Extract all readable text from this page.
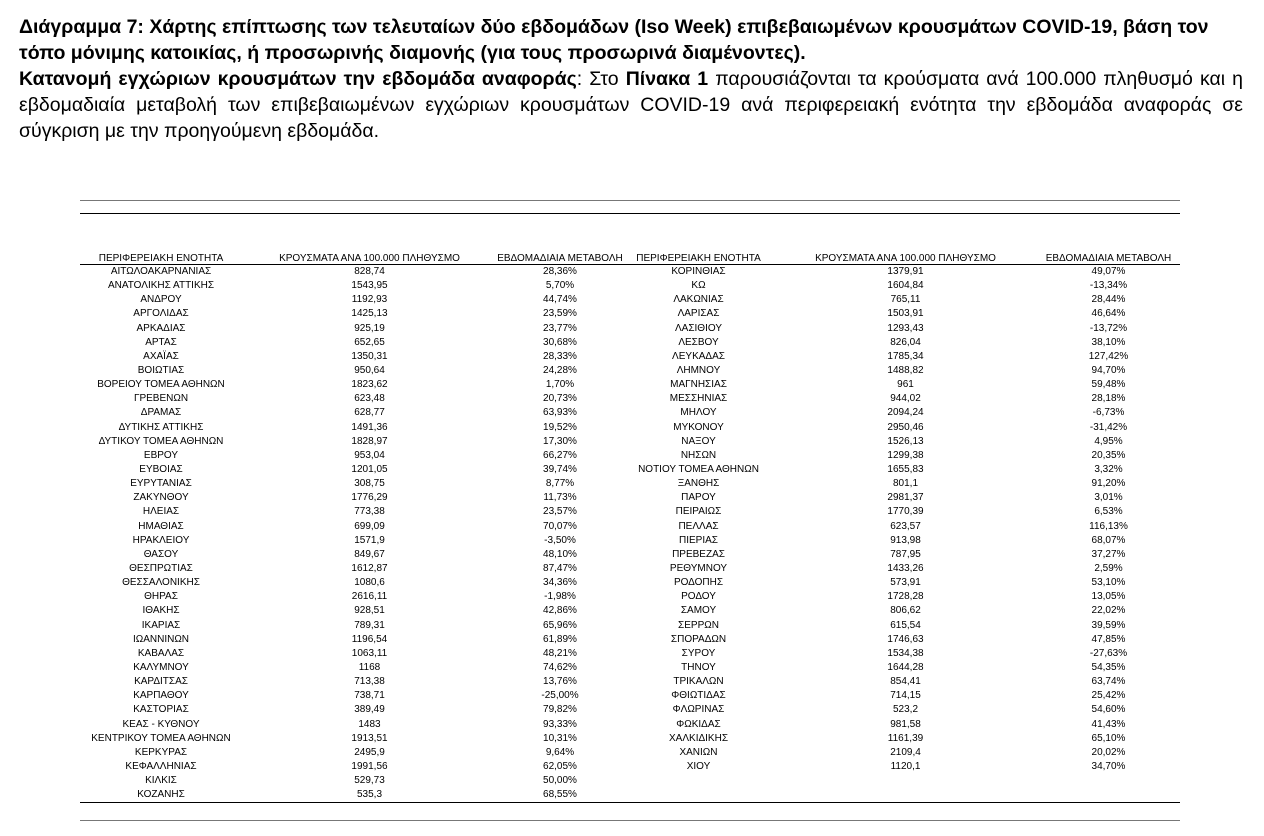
Διάγραμμα 7: Χάρτης επίπτωσης των τελευταίων δύο εβδομάδων (Iso Week) επιβεβαιωμένων κρουσμάτων COVID-19, βάση τον τόπο μόνιμης κατοικίας, ή προσωρινής διαμονής (για τους προσωρινά διαμένοντες).

Κατανομή εγχώριων κρουσμάτων την εβδομάδα αναφοράς: Στο Πίνακα 1 παρουσιάζονται τα κρούσματα ανά 100.000 πληθυσμό και η εβδομαδιαία μεταβολή των επιβεβαιωμένων εγχώριων κρουσμάτων COVID-19 ανά περιφερειακή ενότητα την εβδομάδα αναφοράς σε σύγκριση με την προηγούμενη εβδομάδα.

ΠΕΡΙΦΕΡΕΙΑΚΗ ΕΝΟΤΗΤΑ	ΚΡΟΥΣΜΑΤΑ ΑΝΑ 100.000 ΠΛΗΘΥΣΜΟ	ΕΒΔΟΜΑΔΙΑΙΑ ΜΕΤΑΒΟΛΗ	ΠΕΡΙΦΕΡΕΙΑΚΗ ΕΝΟΤΗΤΑ	ΚΡΟΥΣΜΑΤΑ ΑΝΑ 100.000 ΠΛΗΘΥΣΜΟ	ΕΒΔΟΜΑΔΙΑΙΑ ΜΕΤΑΒΟΛΗ
ΑΙΤΩΛΟΑΚΑΡΝΑΝΙΑΣ	828,74	28,36%	ΚΟΡΙΝΘΙΑΣ	1379,91	49,07%
ΑΝΑΤΟΛΙΚΗΣ ΑΤΤΙΚΗΣ	1543,95	5,70%	ΚΩ	1604,84	-13,34%
ΑΝΔΡΟΥ	1192,93	44,74%	ΛΑΚΩΝΙΑΣ	765,11	28,44%
ΑΡΓΟΛΙΔΑΣ	1425,13	23,59%	ΛΑΡΙΣΑΣ	1503,91	46,64%
ΑΡΚΑΔΙΑΣ	925,19	23,77%	ΛΑΣΙΘΙΟΥ	1293,43	-13,72%
ΑΡΤΑΣ	652,65	30,68%	ΛΕΣΒΟΥ	826,04	38,10%
ΑΧΑΪΑΣ	1350,31	28,33%	ΛΕΥΚΑΔΑΣ	1785,34	127,42%
ΒΟΙΩΤΙΑΣ	950,64	24,28%	ΛΗΜΝΟΥ	1488,82	94,70%
ΒΟΡΕΙΟΥ ΤΟΜΕΑ ΑΘΗΝΩΝ	1823,62	1,70%	ΜΑΓΝΗΣΙΑΣ	961	59,48%
ΓΡΕΒΕΝΩΝ	623,48	20,73%	ΜΕΣΣΗΝΙΑΣ	944,02	28,18%
ΔΡΑΜΑΣ	628,77	63,93%	ΜΗΛΟΥ	2094,24	-6,73%
ΔΥΤΙΚΗΣ ΑΤΤΙΚΗΣ	1491,36	19,52%	ΜΥΚΟΝΟΥ	2950,46	-31,42%
ΔΥΤΙΚΟΥ ΤΟΜΕΑ ΑΘΗΝΩΝ	1828,97	17,30%	ΝΑΞΟΥ	1526,13	4,95%
ΕΒΡΟΥ	953,04	66,27%	ΝΗΣΩΝ	1299,38	20,35%
ΕΥΒΟΙΑΣ	1201,05	39,74%	ΝΟΤΙΟΥ ΤΟΜΕΑ ΑΘΗΝΩΝ	1655,83	3,32%
ΕΥΡΥΤΑΝΙΑΣ	308,75	8,77%	ΞΑΝΘΗΣ	801,1	91,20%
ΖΑΚΥΝΘΟΥ	1776,29	11,73%	ΠΑΡΟΥ	2981,37	3,01%
ΗΛΕΙΑΣ	773,38	23,57%	ΠΕΙΡΑΙΩΣ	1770,39	6,53%
ΗΜΑΘΙΑΣ	699,09	70,07%	ΠΕΛΛΑΣ	623,57	116,13%
ΗΡΑΚΛΕΙΟΥ	1571,9	-3,50%	ΠΙΕΡΙΑΣ	913,98	68,07%
ΘΑΣΟΥ	849,67	48,10%	ΠΡΕΒΕΖΑΣ	787,95	37,27%
ΘΕΣΠΡΩΤΙΑΣ	1612,87	87,47%	ΡΕΘΥΜΝΟΥ	1433,26	2,59%
ΘΕΣΣΑΛΟΝΙΚΗΣ	1080,6	34,36%	ΡΟΔΟΠΗΣ	573,91	53,10%
ΘΗΡΑΣ	2616,11	-1,98%	ΡΟΔΟΥ	1728,28	13,05%
ΙΘΑΚΗΣ	928,51	42,86%	ΣΑΜΟΥ	806,62	22,02%
ΙΚΑΡΙΑΣ	789,31	65,96%	ΣΕΡΡΩΝ	615,54	39,59%
ΙΩΑΝΝΙΝΩΝ	1196,54	61,89%	ΣΠΟΡΑΔΩΝ	1746,63	47,85%
ΚΑΒΑΛΑΣ	1063,11	48,21%	ΣΥΡΟΥ	1534,38	-27,63%
ΚΑΛΥΜΝΟΥ	1168	74,62%	ΤΗΝΟΥ	1644,28	54,35%
ΚΑΡΔΙΤΣΑΣ	713,38	13,76%	ΤΡΙΚΑΛΩΝ	854,41	63,74%
ΚΑΡΠΑΘΟΥ	738,71	-25,00%	ΦΘΙΩΤΙΔΑΣ	714,15	25,42%
ΚΑΣΤΟΡΙΑΣ	389,49	79,82%	ΦΛΩΡΙΝΑΣ	523,2	54,60%
ΚΕΑΣ - ΚΥΘΝΟΥ	1483	93,33%	ΦΩΚΙΔΑΣ	981,58	41,43%
ΚΕΝΤΡΙΚΟΥ ΤΟΜΕΑ ΑΘΗΝΩΝ	1913,51	10,31%	ΧΑΛΚΙΔΙΚΗΣ	1161,39	65,10%
ΚΕΡΚΥΡΑΣ	2495,9	9,64%	ΧΑΝΙΩΝ	2109,4	20,02%
ΚΕΦΑΛΛΗΝΙΑΣ	1991,56	62,05%	ΧΙΟΥ	1120,1	34,70%
ΚΙΛΚΙΣ	529,73	50,00%			
ΚΟΖΑΝΗΣ	535,3	68,55%			
